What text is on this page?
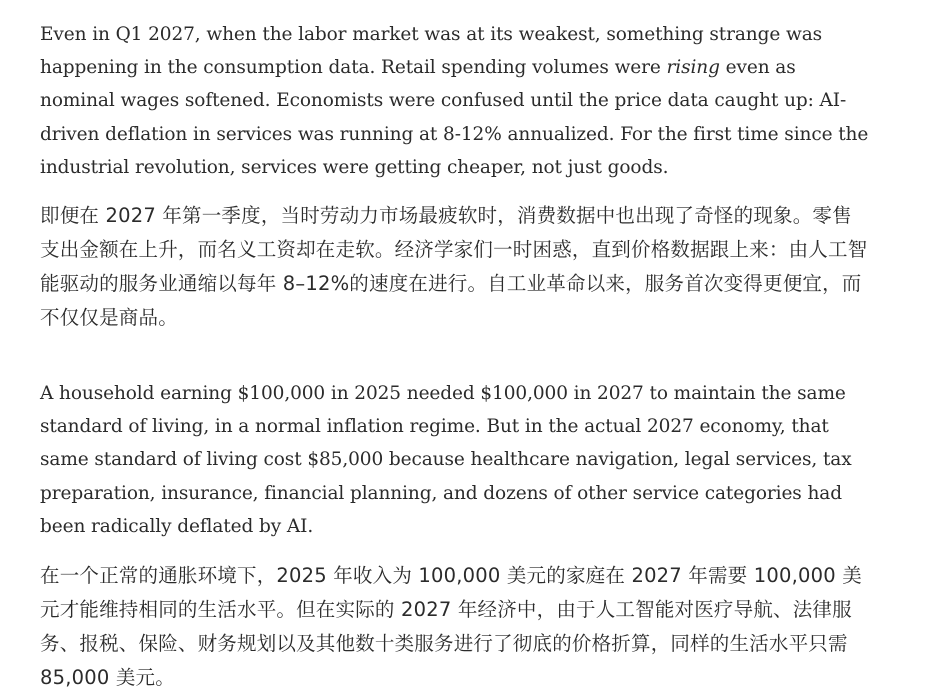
Even in Q1 2027, when the labor market was at its weakest, something strange was happening in the consumption data. Retail spending volumes were rising even as nominal wages softened. Economists were confused until the price data caught up: AI-driven deflation in services was running at 8-12% annualized. For the first time since the industrial revolution, services were getting cheaper, not just goods.

即便在 2027 年第一季度，当时劳动力市场最疲软时，消费数据中也出现了奇怪的现象。零售支出金额在上升，而名义工资却在走软。经济学家们一时困惑，直到价格数据跟上来：由人工智能驱动的服务业通缩以每年 8–12%的速度在进行。自工业革命以来，服务首次变得更便宜，而不仅仅是商品。

A household earning $100,000 in 2025 needed $100,000 in 2027 to maintain the same standard of living, in a normal inflation regime. But in the actual 2027 economy, that same standard of living cost $85,000 because healthcare navigation, legal services, tax preparation, insurance, financial planning, and dozens of other service categories had been radically deflated by AI.

在一个正常的通胀环境下，2025 年收入为 100,000 美元的家庭在 2027 年需要 100,000 美元才能维持相同的生活水平。但在实际的 2027 年经济中，由于人工智能对医疗导航、法律服务、报税、保险、财务规划以及其他数十类服务进行了彻底的价格折算，同样的生活水平只需 85,000 美元。
